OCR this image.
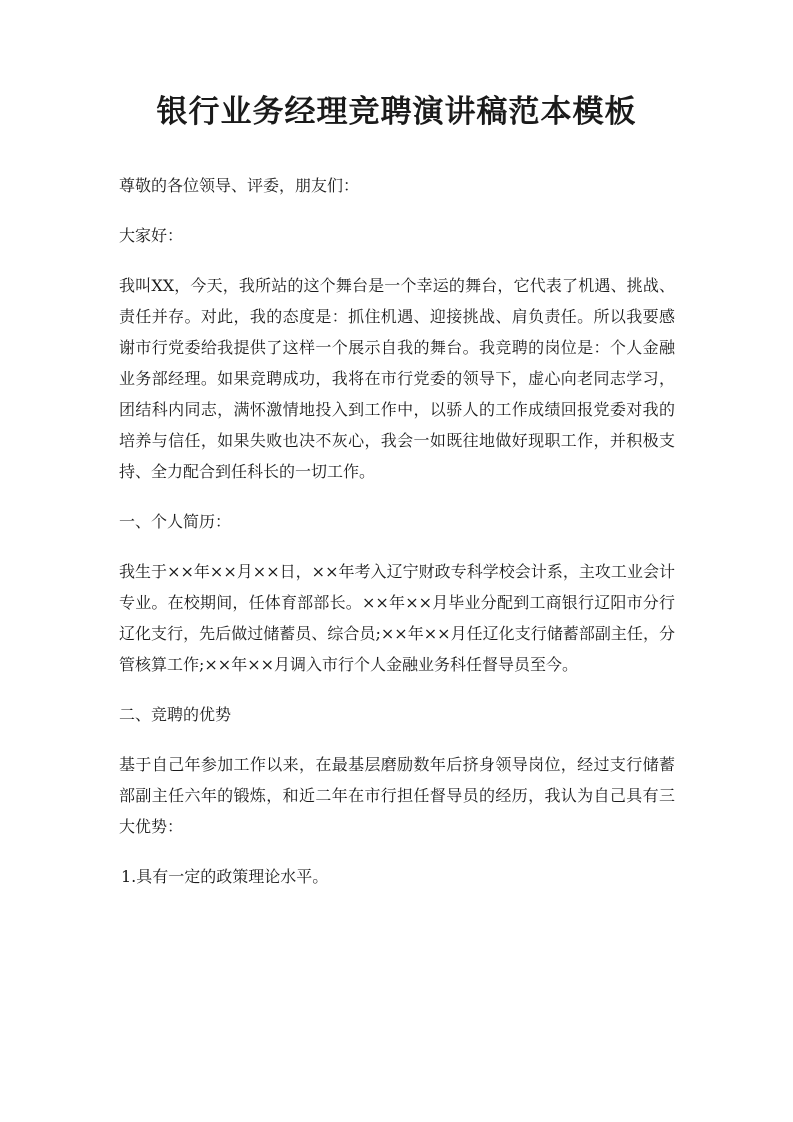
银行业务经理竞聘演讲稿范本模板

尊敬的各位领导、评委，朋友们：

大家好：

我叫XX，今天，我所站的这个舞台是一个幸运的舞台，它代表了机遇、挑战、责任并存。对此，我的态度是：抓住机遇、迎接挑战、肩负责任。所以我要感谢市行党委给我提供了这样一个展示自我的舞台。我竞聘的岗位是：个人金融业务部经理。如果竞聘成功，我将在市行党委的领导下，虚心向老同志学习，团结科内同志，满怀激情地投入到工作中，以骄人的工作成绩回报党委对我的培养与信任，如果失败也决不灰心，我会一如既往地做好现职工作，并积极支持、全力配合到任科长的一切工作。

一、个人简历：

我生于××年××月××日，××年考入辽宁财政专科学校会计系，主攻工业会计专业。在校期间，任体育部部长。××年××月毕业分配到工商银行辽阳市分行辽化支行，先后做过储蓄员、综合员;××年××月任辽化支行储蓄部副主任，分管核算工作;××年××月调入市行个人金融业务科任督导员至今。

二、竞聘的优势

基于自己年参加工作以来，在最基层磨励数年后挤身领导岗位，经过支行储蓄部副主任六年的锻炼，和近二年在市行担任督导员的经历，我认为自己具有三大优势：

1.具有一定的政策理论水平。
